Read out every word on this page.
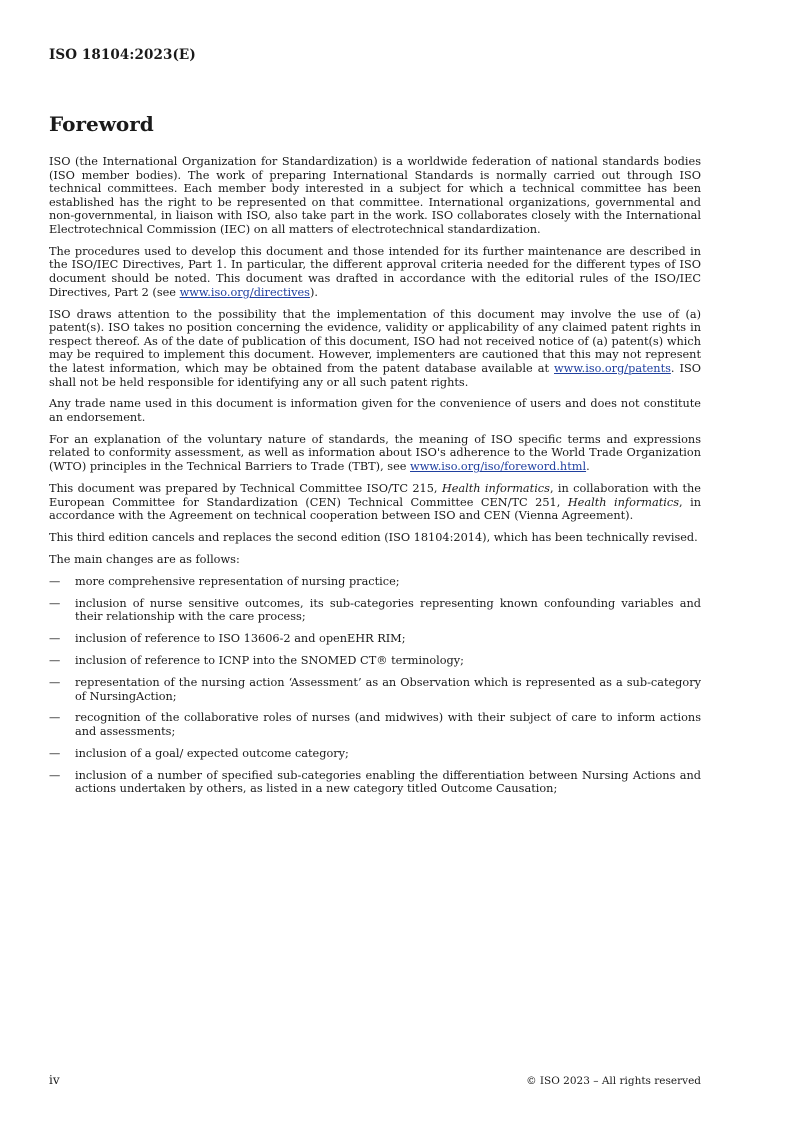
ISO 18104:2023(E)
Foreword

ISO (the International Organization for Standardization) is a worldwide federation of national standards bodies (ISO member bodies). The work of preparing International Standards is normally carried out through ISO technical committees. Each member body interested in a subject for which a technical committee has been established has the right to be represented on that committee. International organizations, governmental and non-governmental, in liaison with ISO, also take part in the work. ISO collaborates closely with the International Electrotechnical Commission (IEC) on all matters of electrotechnical standardization.

The procedures used to develop this document and those intended for its further maintenance are described in the ISO/IEC Directives, Part 1. In particular, the different approval criteria needed for the different types of ISO document should be noted. This document was drafted in accordance with the editorial rules of the ISO/IEC Directives, Part 2 (see www.iso.org/directives).

ISO draws attention to the possibility that the implementation of this document may involve the use of (a) patent(s). ISO takes no position concerning the evidence, validity or applicability of any claimed patent rights in respect thereof. As of the date of publication of this document, ISO had not received notice of (a) patent(s) which may be required to implement this document. However, implementers are cautioned that this may not represent the latest information, which may be obtained from the patent database available at www.iso.org/patents. ISO shall not be held responsible for identifying any or all such patent rights.

Any trade name used in this document is information given for the convenience of users and does not constitute an endorsement.

For an explanation of the voluntary nature of standards, the meaning of ISO specific terms and expressions related to conformity assessment, as well as information about ISO's adherence to the World Trade Organization (WTO) principles in the Technical Barriers to Trade (TBT), see www.iso.org/iso/foreword.html.

This document was prepared by Technical Committee ISO/TC 215, Health informatics, in collaboration with the European Committee for Standardization (CEN) Technical Committee CEN/TC 251, Health informatics, in accordance with the Agreement on technical cooperation between ISO and CEN (Vienna Agreement).

This third edition cancels and replaces the second edition (ISO 18104:2014), which has been technically revised.

The main changes are as follows:

— more comprehensive representation of nursing practice;
— inclusion of nurse sensitive outcomes, its sub-categories representing known confounding variables and their relationship with the care process;
— inclusion of reference to ISO 13606-2 and openEHR RIM;
— inclusion of reference to ICNP into the SNOMED CT® terminology;
— representation of the nursing action ‘Assessment’ as an Observation which is represented as a sub-category of NursingAction;
— recognition of the collaborative roles of nurses (and midwives) with their subject of care to inform actions and assessments;
— inclusion of a goal/ expected outcome category;
— inclusion of a number of specified sub-categories enabling the differentiation between Nursing Actions and actions undertaken by others, as listed in a new category titled Outcome Causation;
iv	© ISO 2023 – All rights reserved
